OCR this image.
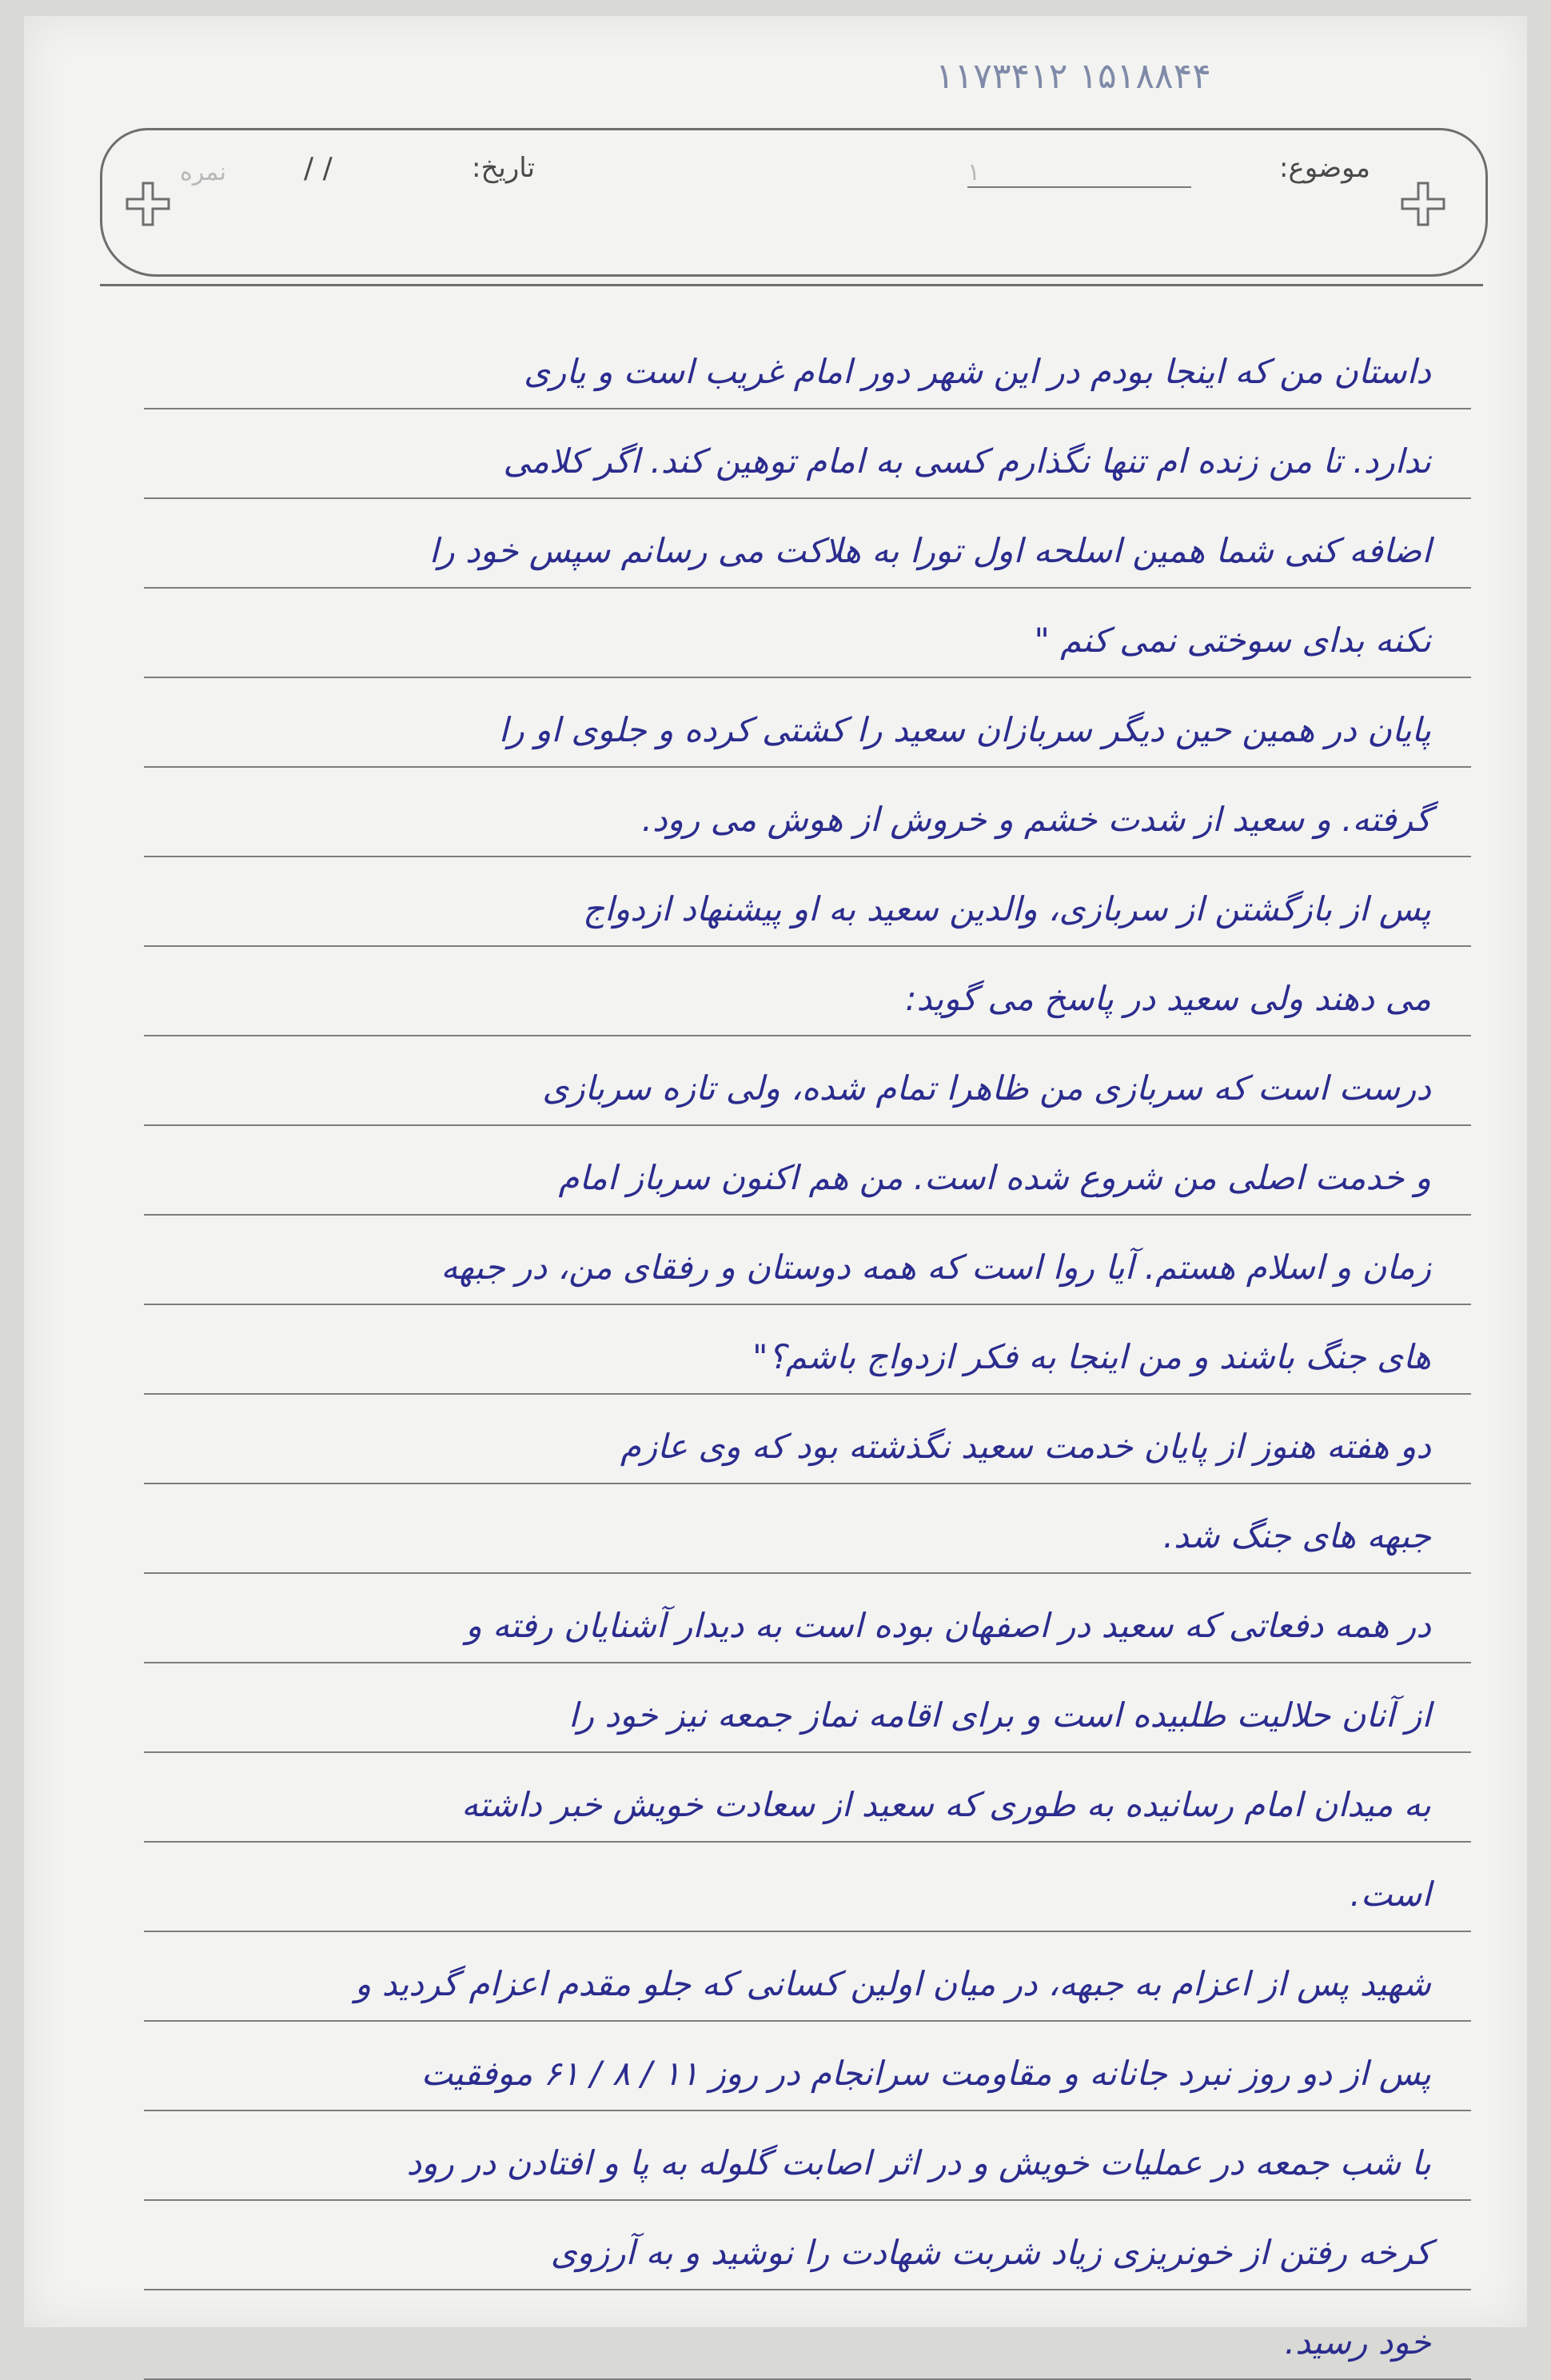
۱۱۷۳۴۱۲ ۱۵۱۸۸۴۴
موضوع:
۱
تاریخ:
/ /
نمره
داستان من که اینجا بودم در این شهر دور امام غریب است و یاری
ندارد. تا من زنده ام تنها نگذارم کسی به امام توهین کند. اگر کلامی
اضافه کنی شما همین اسلحه اول تورا به هلاکت می رسانم سپس خود را
نکنه بدای سوختی نمی کنم "
پایان در همین حین دیگر سربازان سعید را کشتی کرده و جلوی او را
گرفته. و سعید از شدت خشم و خروش از هوش می رود.
پس از بازگشتن از سربازی، والدین سعید به او پیشنهاد ازدواج
می دهند ولی سعید در پاسخ می گوید:
درست است که سربازی من ظاهرا تمام شده، ولی تازه سربازی
و خدمت اصلی من شروع شده است. من هم اکنون سرباز امام
زمان و اسلام هستم. آیا روا است که همه دوستان و رفقای من، در جبهه
های جنگ باشند و من اینجا به فکر ازدواج باشم؟"
دو هفته هنوز از پایان خدمت سعید نگذشته بود که وی عازم
جبهه های جنگ شد.
در همه دفعاتی که سعید در اصفهان بوده است به دیدار آشنایان رفته و
از آنان حلالیت طلبیده است و برای اقامه نماز جمعه نیز خود را
به میدان امام رسانیده به طوری که سعید از سعادت خویش خبر داشته
است.
شهید پس از اعزام به جبهه، در میان اولین کسانی که جلو مقدم اعزام گردید و
پس از دو روز نبرد جانانه و مقاومت سرانجام در روز ۱۱ / ۸ / ۶۱ موفقیت
با شب جمعه در عملیات خویش و در اثر اصابت گلوله به پا و افتادن در رود
کرخه رفتن از خونریزی زیاد شربت شهادت را نوشید و به آرزوی
خود رسید.
